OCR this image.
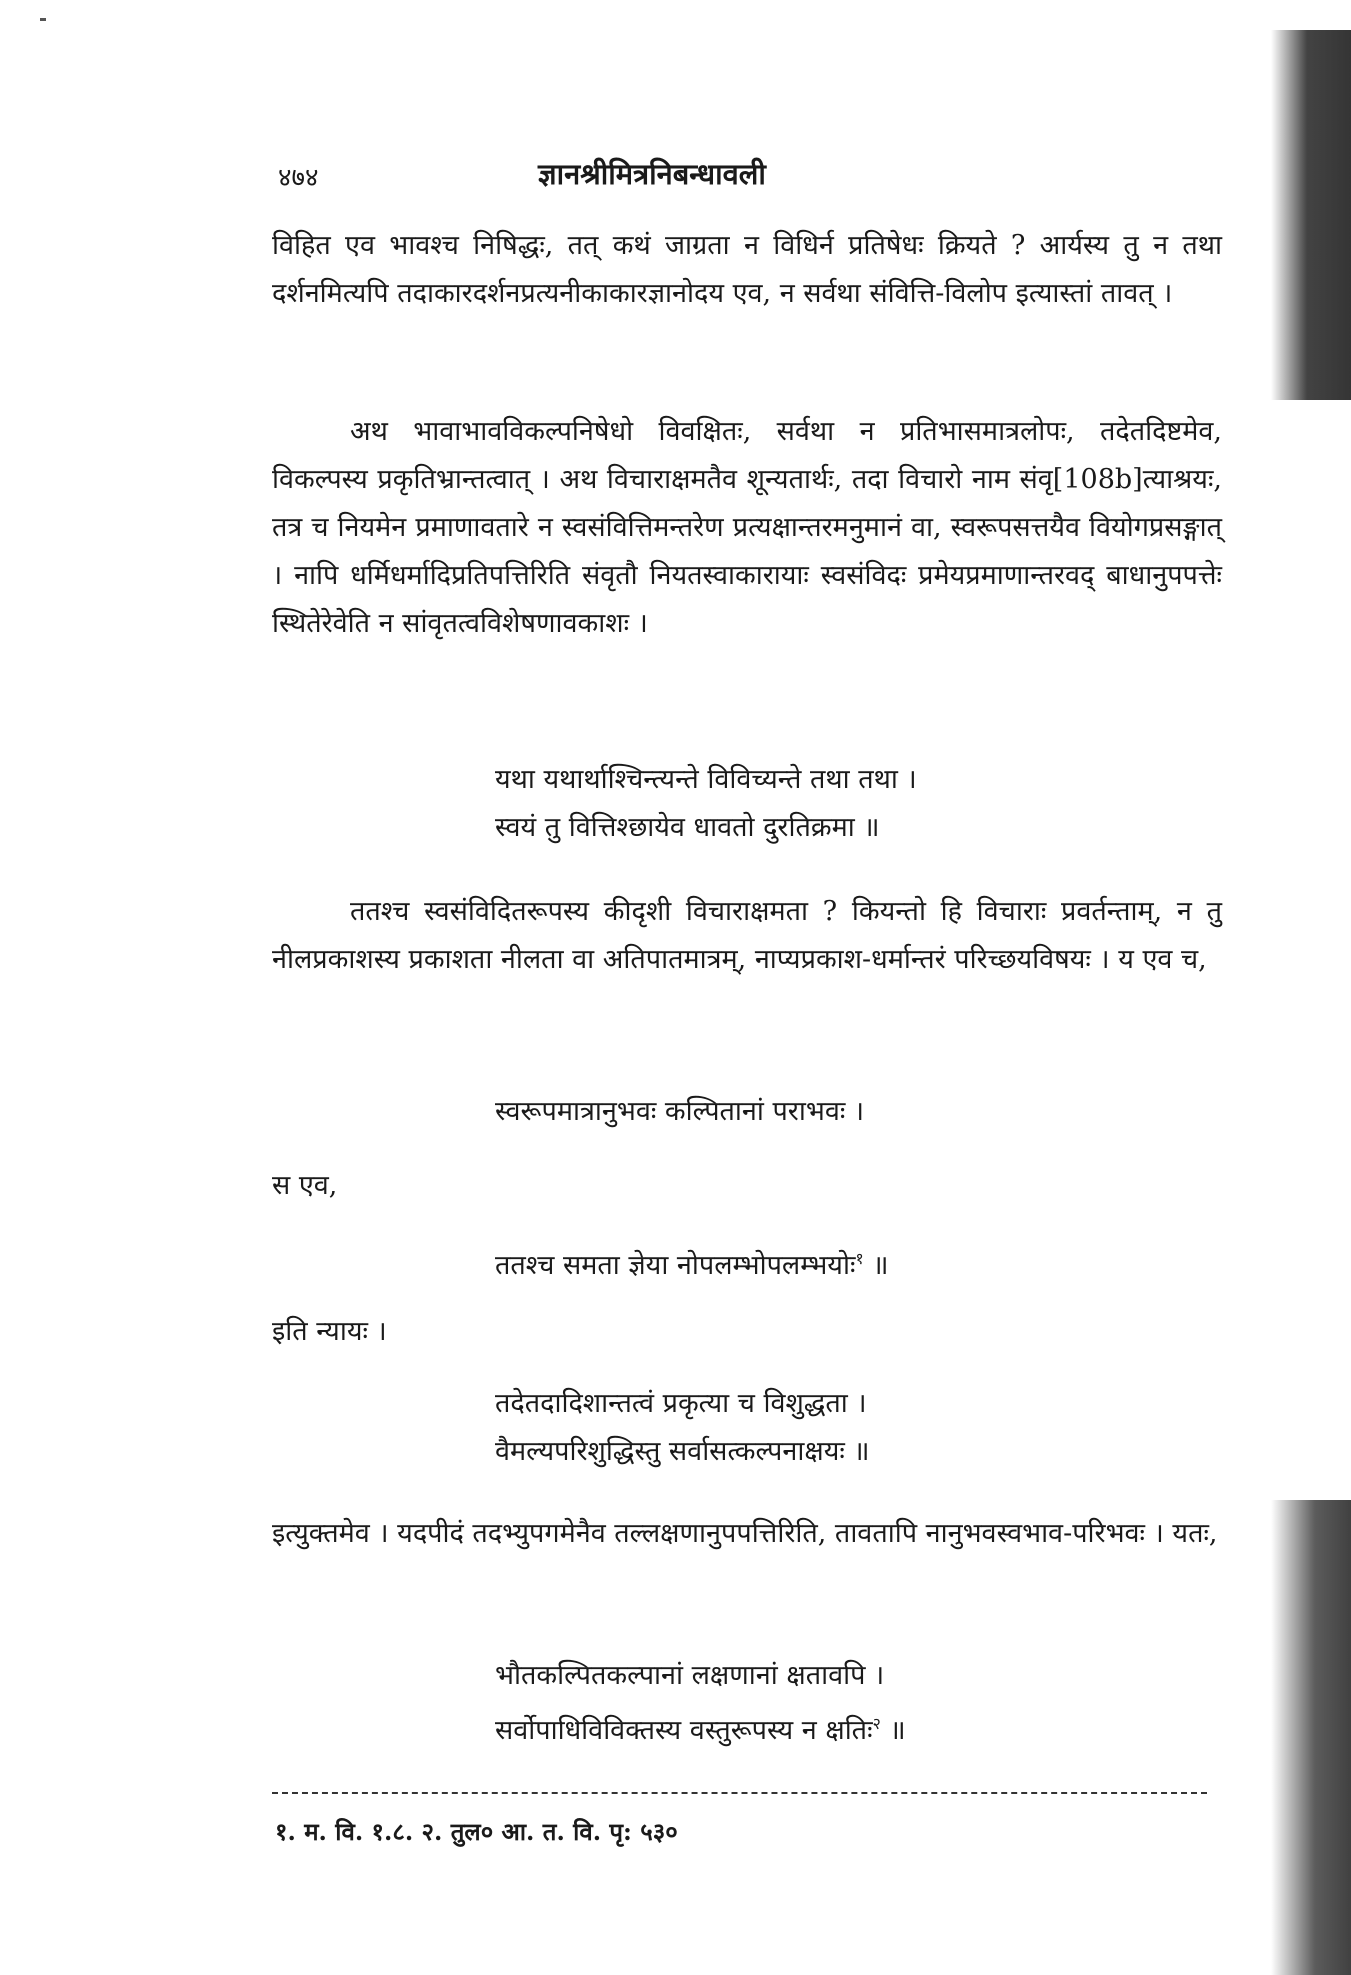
४७४	ज्ञानश्रीमित्रनिबन्धावली
विहित एव भावश्च निषिद्धः, तत् कथं जाग्रता न विधिर्न प्रतिषेधः क्रियते ? आर्यस्य तु न तथा दर्शनमित्यपि तदाकारदर्शनप्रत्यनीकाकारज्ञानोदय एव, न सर्वथा संवित्ति-विलोप इत्यास्तां तावत् ।
अथ भावाभावविकल्पनिषेधो विवक्षितः, सर्वथा न प्रतिभासमात्रलोपः, तदेतदिष्टमेव, विकल्पस्य प्रकृतिभ्रान्तत्वात् । अथ विचाराक्षमतैव शून्यतार्थः, तदा विचारो नाम संवृ[108b]त्याश्रयः, तत्र च नियमेन प्रमाणावतारे न स्वसंवित्तिमन्तरेण प्रत्यक्षान्तरमनुमानं वा, स्वरूपसत्तयैव वियोगप्रसङ्गात् । नापि धर्मिधर्मादिप्रतिपत्तिरिति संवृतौ नियतस्वाकारायाः स्वसंविदः प्रमेयप्रमाणान्तरवद् बाधानुपपत्तेः स्थितेरेवेति न सांवृतत्वविशेषणावकाशः ।
यथा यथार्थाश्चिन्त्यन्ते विविच्यन्ते तथा तथा ।
स्वयं तु वित्तिश्छायेव धावतो दुरतिक्रमा ॥
ततश्च स्वसंविदितरूपस्य कीदृशी विचाराक्षमता ? कियन्तो हि विचाराः प्रवर्तन्ताम्, न तु नीलप्रकाशस्य प्रकाशता नीलता वा अतिपातमात्रम्, नाप्यप्रकाश-धर्मान्तरं परिच्छयविषयः । य एव च,
स्वरूपमात्रानुभवः कल्पितानां पराभवः ।
स एव,
ततश्च समता ज्ञेया नोपलम्भोपलम्भयोः$^१$ ॥
इति न्यायः ।
तदेतदादिशान्तत्वं प्रकृत्या च विशुद्धता ।
वैमल्यपरिशुद्धिस्तु सर्वासत्कल्पनाक्षयः ॥
इत्युक्तमेव । यदपीदं तदभ्युपगमेनैव तल्लक्षणानुपपत्तिरिति, तावतापि नानुभवस्वभाव-परिभवः । यतः,
भौतकल्पितकल्पानां लक्षणानां क्षतावपि ।
सर्वोपाधिविविक्तस्य वस्तुरूपस्य न क्षतिः$^२$ ॥
१. म. वि. १.८. २. तुल० आ. त. वि. पृ: ५३०
